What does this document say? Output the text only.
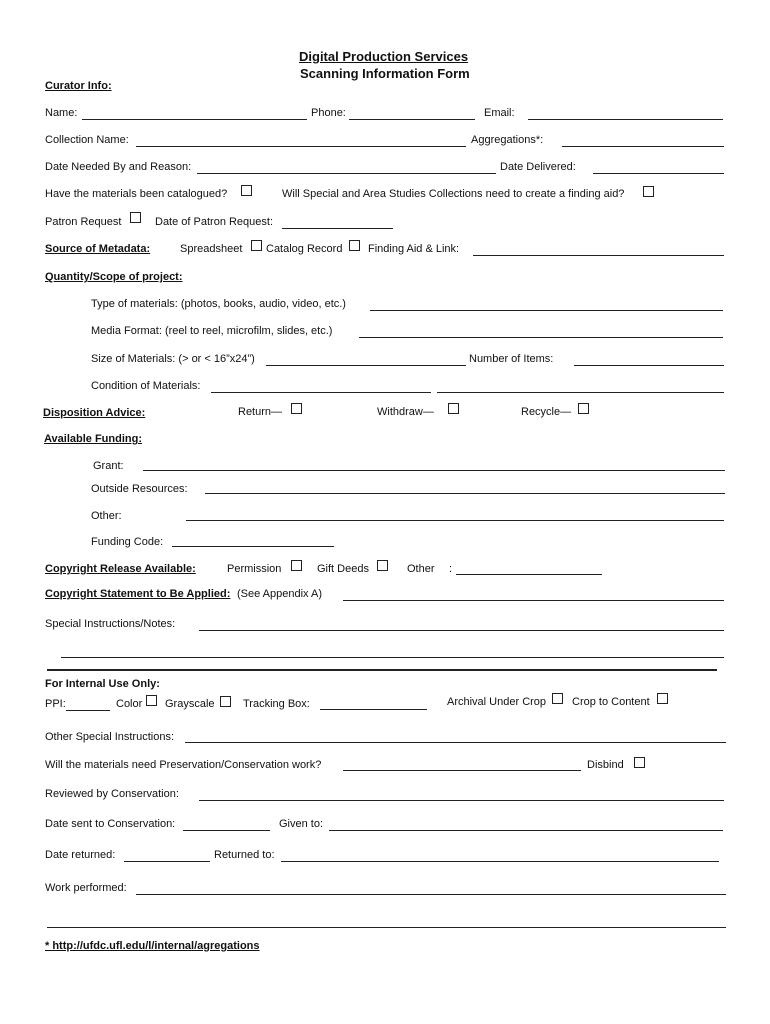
Digital Production Services
Scanning Information Form
Curator Info:
Name:	Phone:	Email:
Collection Name:	Aggregations*:
Date Needed By and Reason:	Date Delivered:
Have the materials been catalogued?	Will Special and Area Studies Collections need to create a finding aid?
Patron Request	Date of Patron Request:
Source of Metadata:	Spreadsheet Catalog Record Finding Aid & Link:
Quantity/Scope of project:
Type of materials: (photos, books, audio, video, etc.)
Media Format: (reel to reel, microfilm, slides, etc.)
Size of Materials: (> or < 16”x24”)	Number of Items:
Condition of Materials:
Disposition Advice:	Return—	Withdraw—	Recycle—
Available Funding:
Grant:
Outside Resources:
Other:
Funding Code:
Copyright Release Available:	Permission	Gift Deeds	Other :
Copyright Statement to Be Applied: (See Appendix A)
Special Instructions/Notes:
For Internal Use Only:
PPI:	Color Grayscale	Tracking Box:	Archival Under Crop Crop to Content
Other Special Instructions:
Will the materials need Preservation/Conservation work?	Disbind
Reviewed by Conservation:
Date sent to Conservation:	Given to:
Date returned:	Returned to:
Work performed:
* http://ufdc.ufl.edu/l/internal/agregations
